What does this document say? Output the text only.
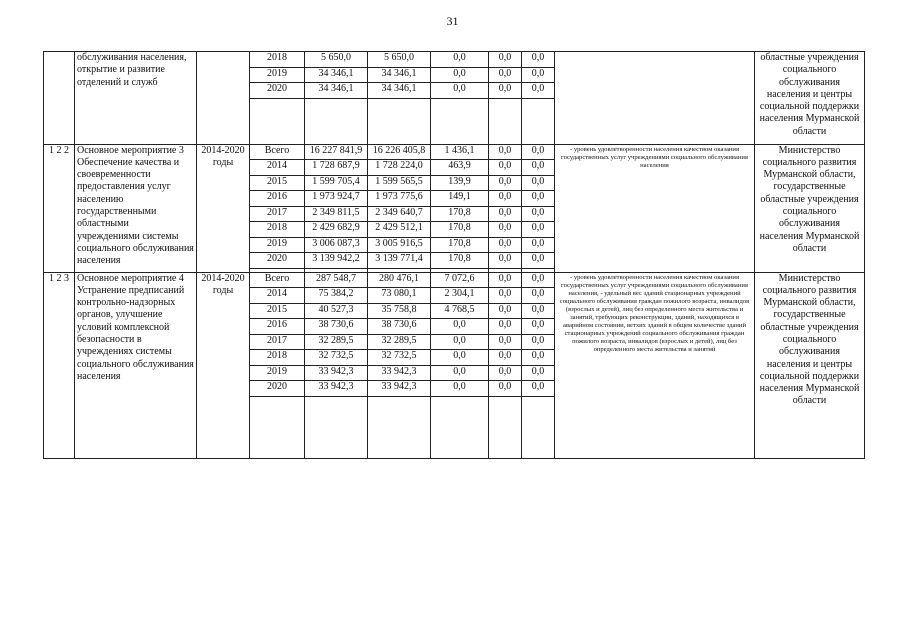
31
	обслуживания населения, открытие и развитие отделений и служб		2018	5 650,0	5 650,0	0,0	0,0	0,0		областные учреждения социального обслуживания населения и центры социальной поддержки населения Мурманской области
			2019	34 346,1	34 346,1	0,0	0,0	0,0		
			2020	34 346,1	34 346,1	0,0	0,0	0,0		

1 2 2	Основное мероприятие 3 Обеспечение качества и своевременности предоставления услуг населению государственными областными учреждениями системы социального обслуживания населения	2014-2020 годы	Всего	16 227 841,9	16 226 405,8	1 436,1	0,0	0,0	- уровень удовлетворенности населения качеством оказания государственных услуг учреждениями социального обслуживания населения	Министерство социального развития Мурманской области, государственные областные учреждения социального обслуживания населения Мурманской области
			2014	1 728 687,9	1 728 224,0	463,9	0,0	0,0		
			2015	1 599 705,4	1 599 565,5	139,9	0,0	0,0		
			2016	1 973 924,7	1 973 775,6	149,1	0,0	0,0		
			2017	2 349 811,5	2 349 640,7	170,8	0,0	0,0		
			2018	2 429 682,9	2 429 512,1	170,8	0,0	0,0		
			2019	3 006 087,3	3 005 916,5	170,8	0,0	0,0		
			2020	3 139 942,2	3 139 771,4	170,8	0,0	0,0		

1 2 3	Основное мероприятие 4 Устранение предписаний контрольно-надзорных органов, улучшение условий комплексной безопасности в учреждениях системы социального обслуживания населения	2014-2020 годы	Всего	287 548,7	280 476,1	7 072,6	0,0	0,0	- уровень удовлетворенности населения качеством оказания государственных услуг учреждениями социального обслуживания населения, - удельный вес зданий стационарных учреждений социального обслуживания граждан пожилого возраста, инвалидов (взрослых и детей), лиц без определенного места жительства и занятий, требующих реконструкции, зданий, находящихся в аварийном состоянии, ветхих зданий в общем количестве зданий стационарных учреждений социального обслуживания граждан пожилого возраста, инвалидов (взрослых и детей), лиц без определенного места жительства и занятий	Министерство социального развития Мурманской области, государственные областные учреждения социального обслуживания населения и центры социальной поддержки населения Мурманской области
			2014	75 384,2	73 080,1	2 304,1	0,0	0,0		
			2015	40 527,3	35 758,8	4 768,5	0,0	0,0		
			2016	38 730,6	38 730,6	0,0	0,0	0,0		
			2017	32 289,5	32 289,5	0,0	0,0	0,0		
			2018	32 732,5	32 732,5	0,0	0,0	0,0		
			2019	33 942,3	33 942,3	0,0	0,0	0,0		
			2020	33 942,3	33 942,3	0,0	0,0	0,0		
